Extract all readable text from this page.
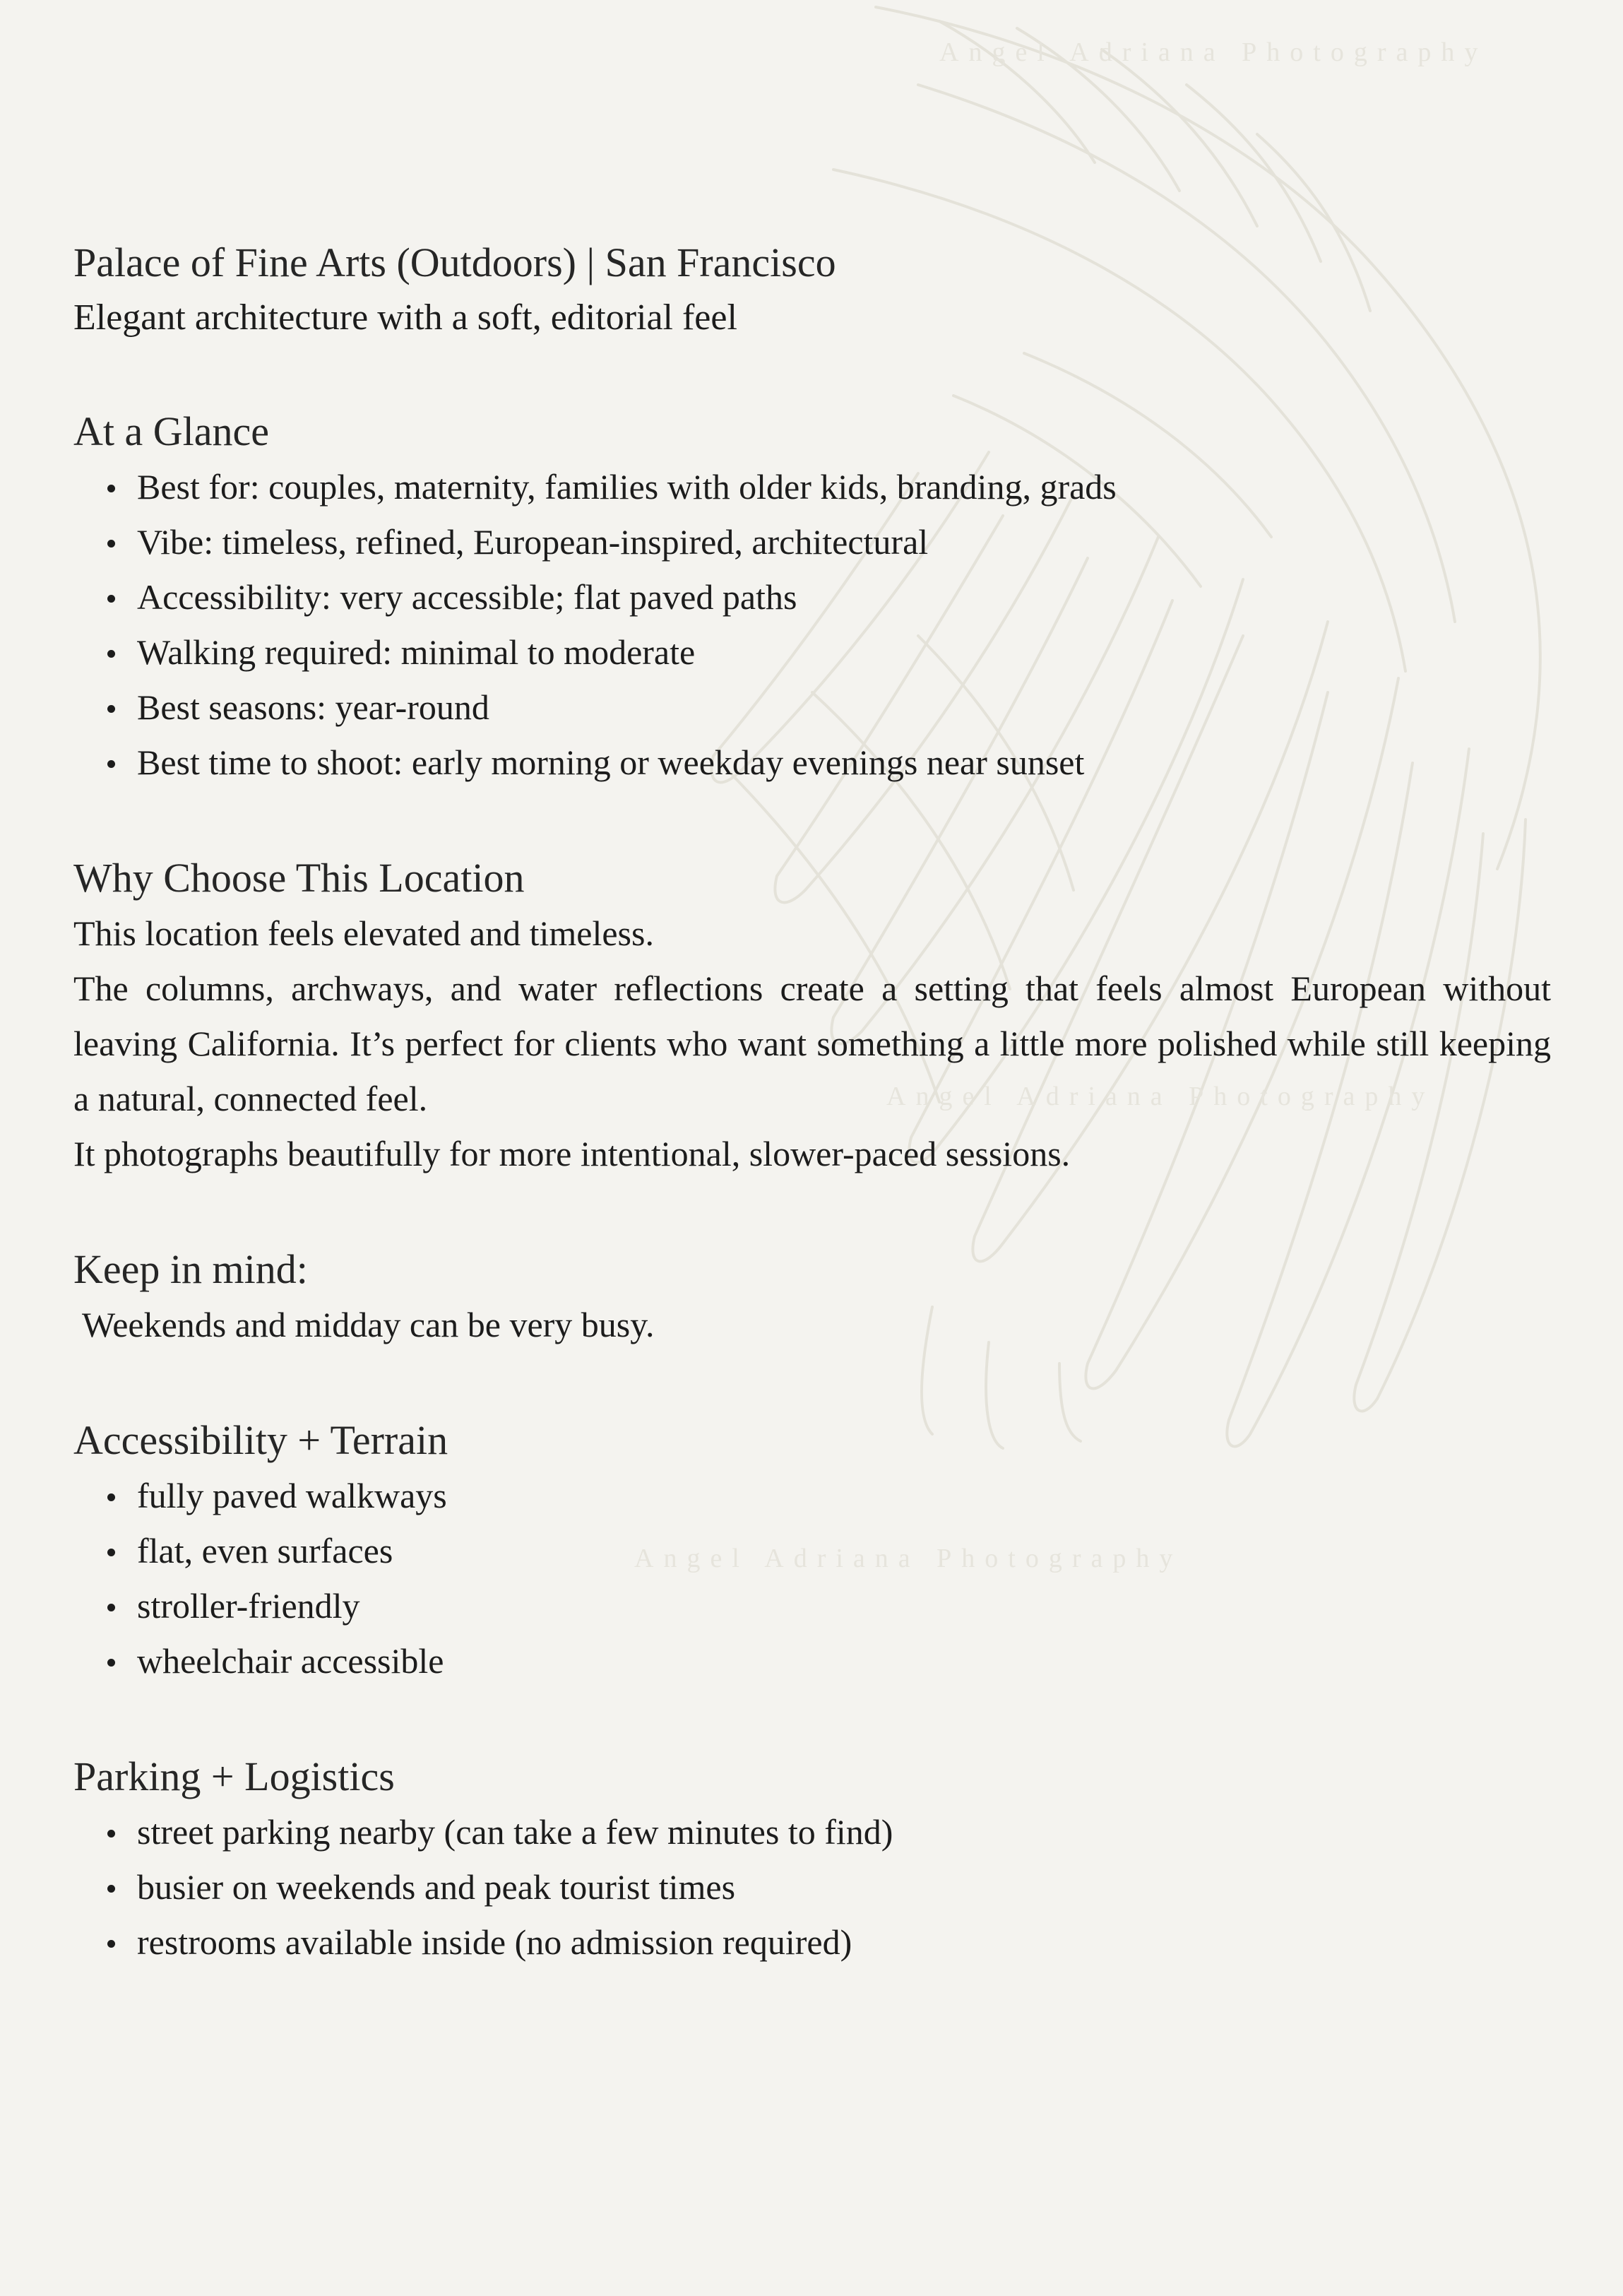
Angel Adriana Photography
Angel Adriana Photography
Angel Adriana Photography
Palace of Fine Arts (Outdoors) | San Francisco

Elegant architecture with a soft, editorial feel

At a Glance
Best for: couples, maternity, families with older kids, branding, grads
Vibe: timeless, refined, European-inspired, architectural
Accessibility: very accessible; flat paved paths
Walking required: minimal to moderate
Best seasons: year-round
Best time to shoot: early morning or weekday evenings near sunset
Why Choose This Location

This location feels elevated and timeless.

The columns, archways, and water reflections create a setting that feels almost European without leaving California. It’s perfect for clients who want something a little more polished while still keeping a natural, connected feel.

It photographs beautifully for more intentional, slower-paced sessions.

Keep in mind:

Weekends and midday can be very busy.

Accessibility + Terrain
fully paved walkways
flat, even surfaces
stroller-friendly
wheelchair accessible
Parking + Logistics
street parking nearby (can take a few minutes to find)
busier on weekends and peak tourist times
restrooms available inside (no admission required)
